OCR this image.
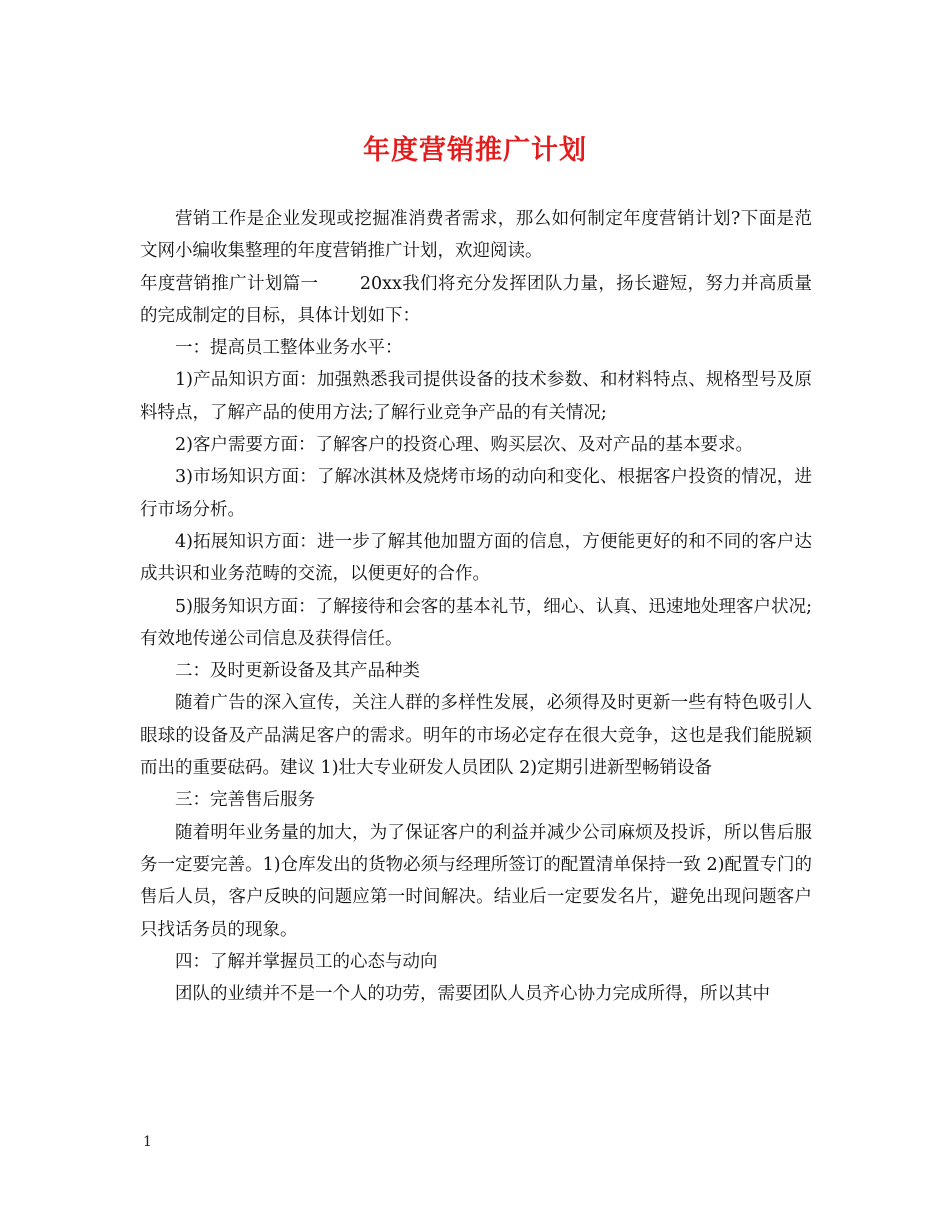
年度营销推广计划

营销工作是企业发现或挖掘准消费者需求，那么如何制定年度营销计划?下面是范文网小编收集整理的年度营销推广计划，欢迎阅读。

年度营销推广计划篇一　　 20xx我们将充分发挥团队力量，扬长避短，努力并高质量的完成制定的目标，具体计划如下：

一：提高员工整体业务水平：

1)产品知识方面：加强熟悉我司提供设备的技术参数、和材料特点、规格型号及原料特点，了解产品的使用方法;了解行业竞争产品的有关情况;

2)客户需要方面：了解客户的投资心理、购买层次、及对产品的基本要求。

3)市场知识方面：了解冰淇林及烧烤市场的动向和变化、根据客户投资的情况，进行市场分析。

4)拓展知识方面：进一步了解其他加盟方面的信息，方便能更好的和不同的客户达成共识和业务范畴的交流，以便更好的合作。

5)服务知识方面：了解接待和会客的基本礼节，细心、认真、迅速地处理客户状况;有效地传递公司信息及获得信任。

二：及时更新设备及其产品种类

随着广告的深入宣传，关注人群的多样性发展，必须得及时更新一些有特色吸引人眼球的设备及产品满足客户的需求。明年的市场必定存在很大竞争，这也是我们能脱颖而出的重要砝码。建议 1)壮大专业研发人员团队 2)定期引进新型畅销设备

三：完善售后服务

随着明年业务量的加大，为了保证客户的利益并减少公司麻烦及投诉，所以售后服务一定要完善。1)仓库发出的货物必须与经理所签订的配置清单保持一致 2)配置专门的售后人员，客户反映的问题应第一时间解决。结业后一定要发名片，避免出现问题客户只找话务员的现象。

四：了解并掌握员工的心态与动向

团队的业绩并不是一个人的功劳，需要团队人员齐心协力完成所得，所以其中

1
